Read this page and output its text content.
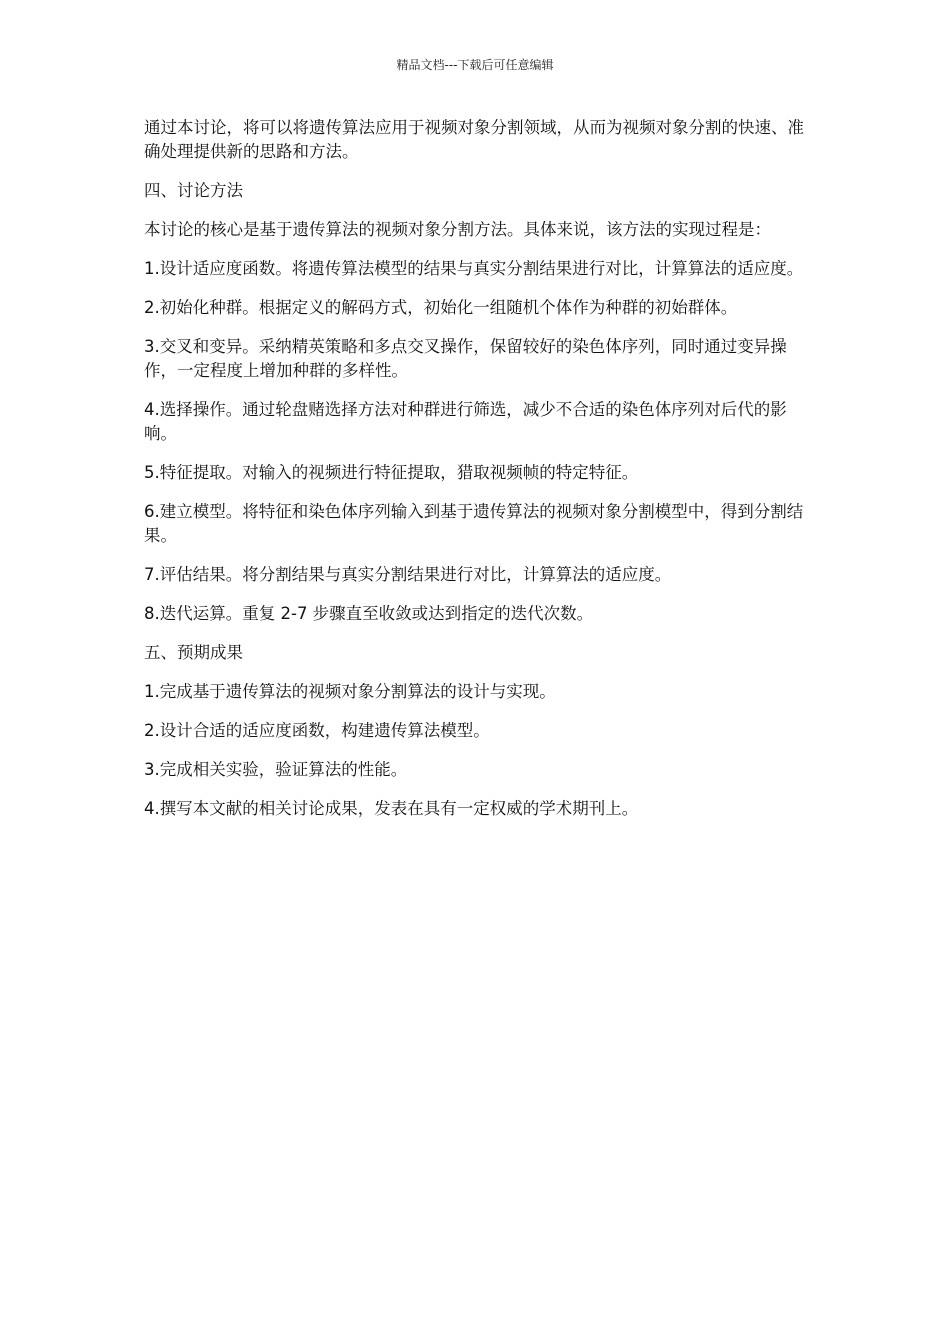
精品文档---下载后可任意编辑

通过本讨论，将可以将遗传算法应用于视频对象分割领域，从而为视频对象分割的快速、准确处理提供新的思路和方法。

四、讨论方法

本讨论的核心是基于遗传算法的视频对象分割方法。具体来说，该方法的实现过程是：

1.设计适应度函数。将遗传算法模型的结果与真实分割结果进行对比，计算算法的适应度。

2.初始化种群。根据定义的解码方式，初始化一组随机个体作为种群的初始群体。

3.交叉和变异。采纳精英策略和多点交叉操作，保留较好的染色体序列，同时通过变异操作，一定程度上增加种群的多样性。

4.选择操作。通过轮盘赌选择方法对种群进行筛选，减少不合适的染色体序列对后代的影响。

5.特征提取。对输入的视频进行特征提取，猎取视频帧的特定特征。

6.建立模型。将特征和染色体序列输入到基于遗传算法的视频对象分割模型中，得到分割结果。

7.评估结果。将分割结果与真实分割结果进行对比，计算算法的适应度。

8.迭代运算。重复 2-7 步骤直至收敛或达到指定的迭代次数。

五、预期成果

1.完成基于遗传算法的视频对象分割算法的设计与实现。

2.设计合适的适应度函数，构建遗传算法模型。

3.完成相关实验，验证算法的性能。

4.撰写本文献的相关讨论成果，发表在具有一定权威的学术期刊上。
